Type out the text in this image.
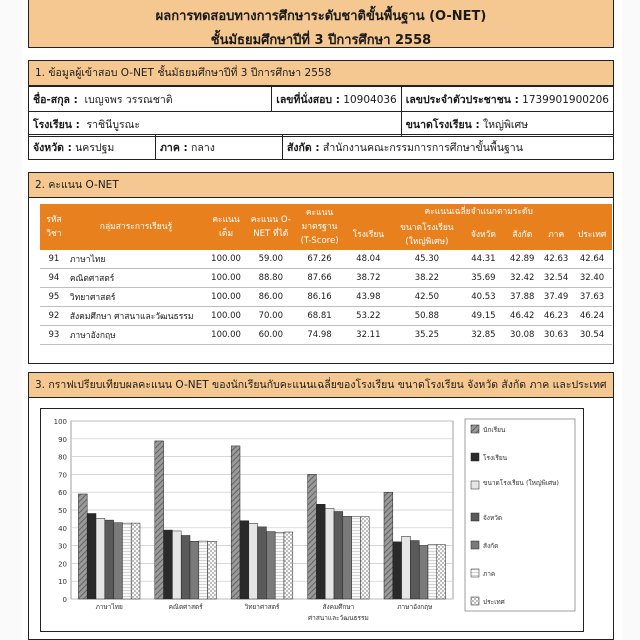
ผลการทดสอบทางการศึกษาระดับชาติขั้นพื้นฐาน (O-NET)
ชั้นมัธยมศึกษาปีที่ 3 ปีการศึกษา 2558
1. ข้อมูลผู้เข้าสอบ O-NET ชั้นมัธยมศึกษาปีที่ 3 ปีการศึกษา 2558
ชื่อ-สกุล : เบญจพร วรรณชาติ	เลขที่นั่งสอบ : 10904036	เลขประจำตัวประชาชน : 1739901900206
โรงเรียน : ราชินีบูรณะ		ขนาดโรงเรียน : ใหญ่พิเศษ
จังหวัด : นครปฐม	ภาค : กลาง	สังกัด : สำนักงานคณะกรรมการการศึกษาขั้นพื้นฐาน
2. คะแนน O-NET
3. กราฟเปรียบเทียบผลคะแนน O-NET ของนักเรียนกับคะแนนเฉลี่ยของโรงเรียน ขนาดโรงเรียน จังหวัด สังกัด ภาค และประเทศ
รหัสวิชา	กลุ่มสาระการเรียนรู้	คะแนนเต็ม	คะแนน O-NET ที่ได้	คะแนนมาตรฐาน (T-Score)	คะแนนเฉลี่ยจำแนกตามระดับ					
					โรงเรียน	ขนาดโรงเรียน (ใหญ่พิเศษ)	จังหวัด	สังกัด	ภาค	ประเทศ
91	ภาษาไทย	100.00	59.00	67.26	48.04	45.30	44.31	42.89	42.63	42.64
94	คณิตศาสตร์	100.00	88.80	87.66	38.72	38.22	35.69	32.42	32.54	32.40
95	วิทยาศาสตร์	100.00	86.00	86.16	43.98	42.50	40.53	37.88	37.49	37.63
92	สังคมศึกษา ศาสนาและวัฒนธรรม	100.00	70.00	68.81	53.22	50.88	49.15	46.42	46.23	46.24
93	ภาษาอังกฤษ	100.00	60.00	74.98	32.11	35.25	32.85	30.08	30.63	30.54
0
10
20
30
40
50
60
70
80
90
100
ภาษาไทย	คณิตศาสตร์	วิทยาศาสตร์	สังคมศึกษา
ศาสนาและวัฒนธรรม
ภาษาอังกฤษ
นักเรียน
โรงเรียน
ขนาดโรงเรียน (ใหญ่พิเศษ)
จังหวัด
สังกัด
ภาค
ประเทศ
